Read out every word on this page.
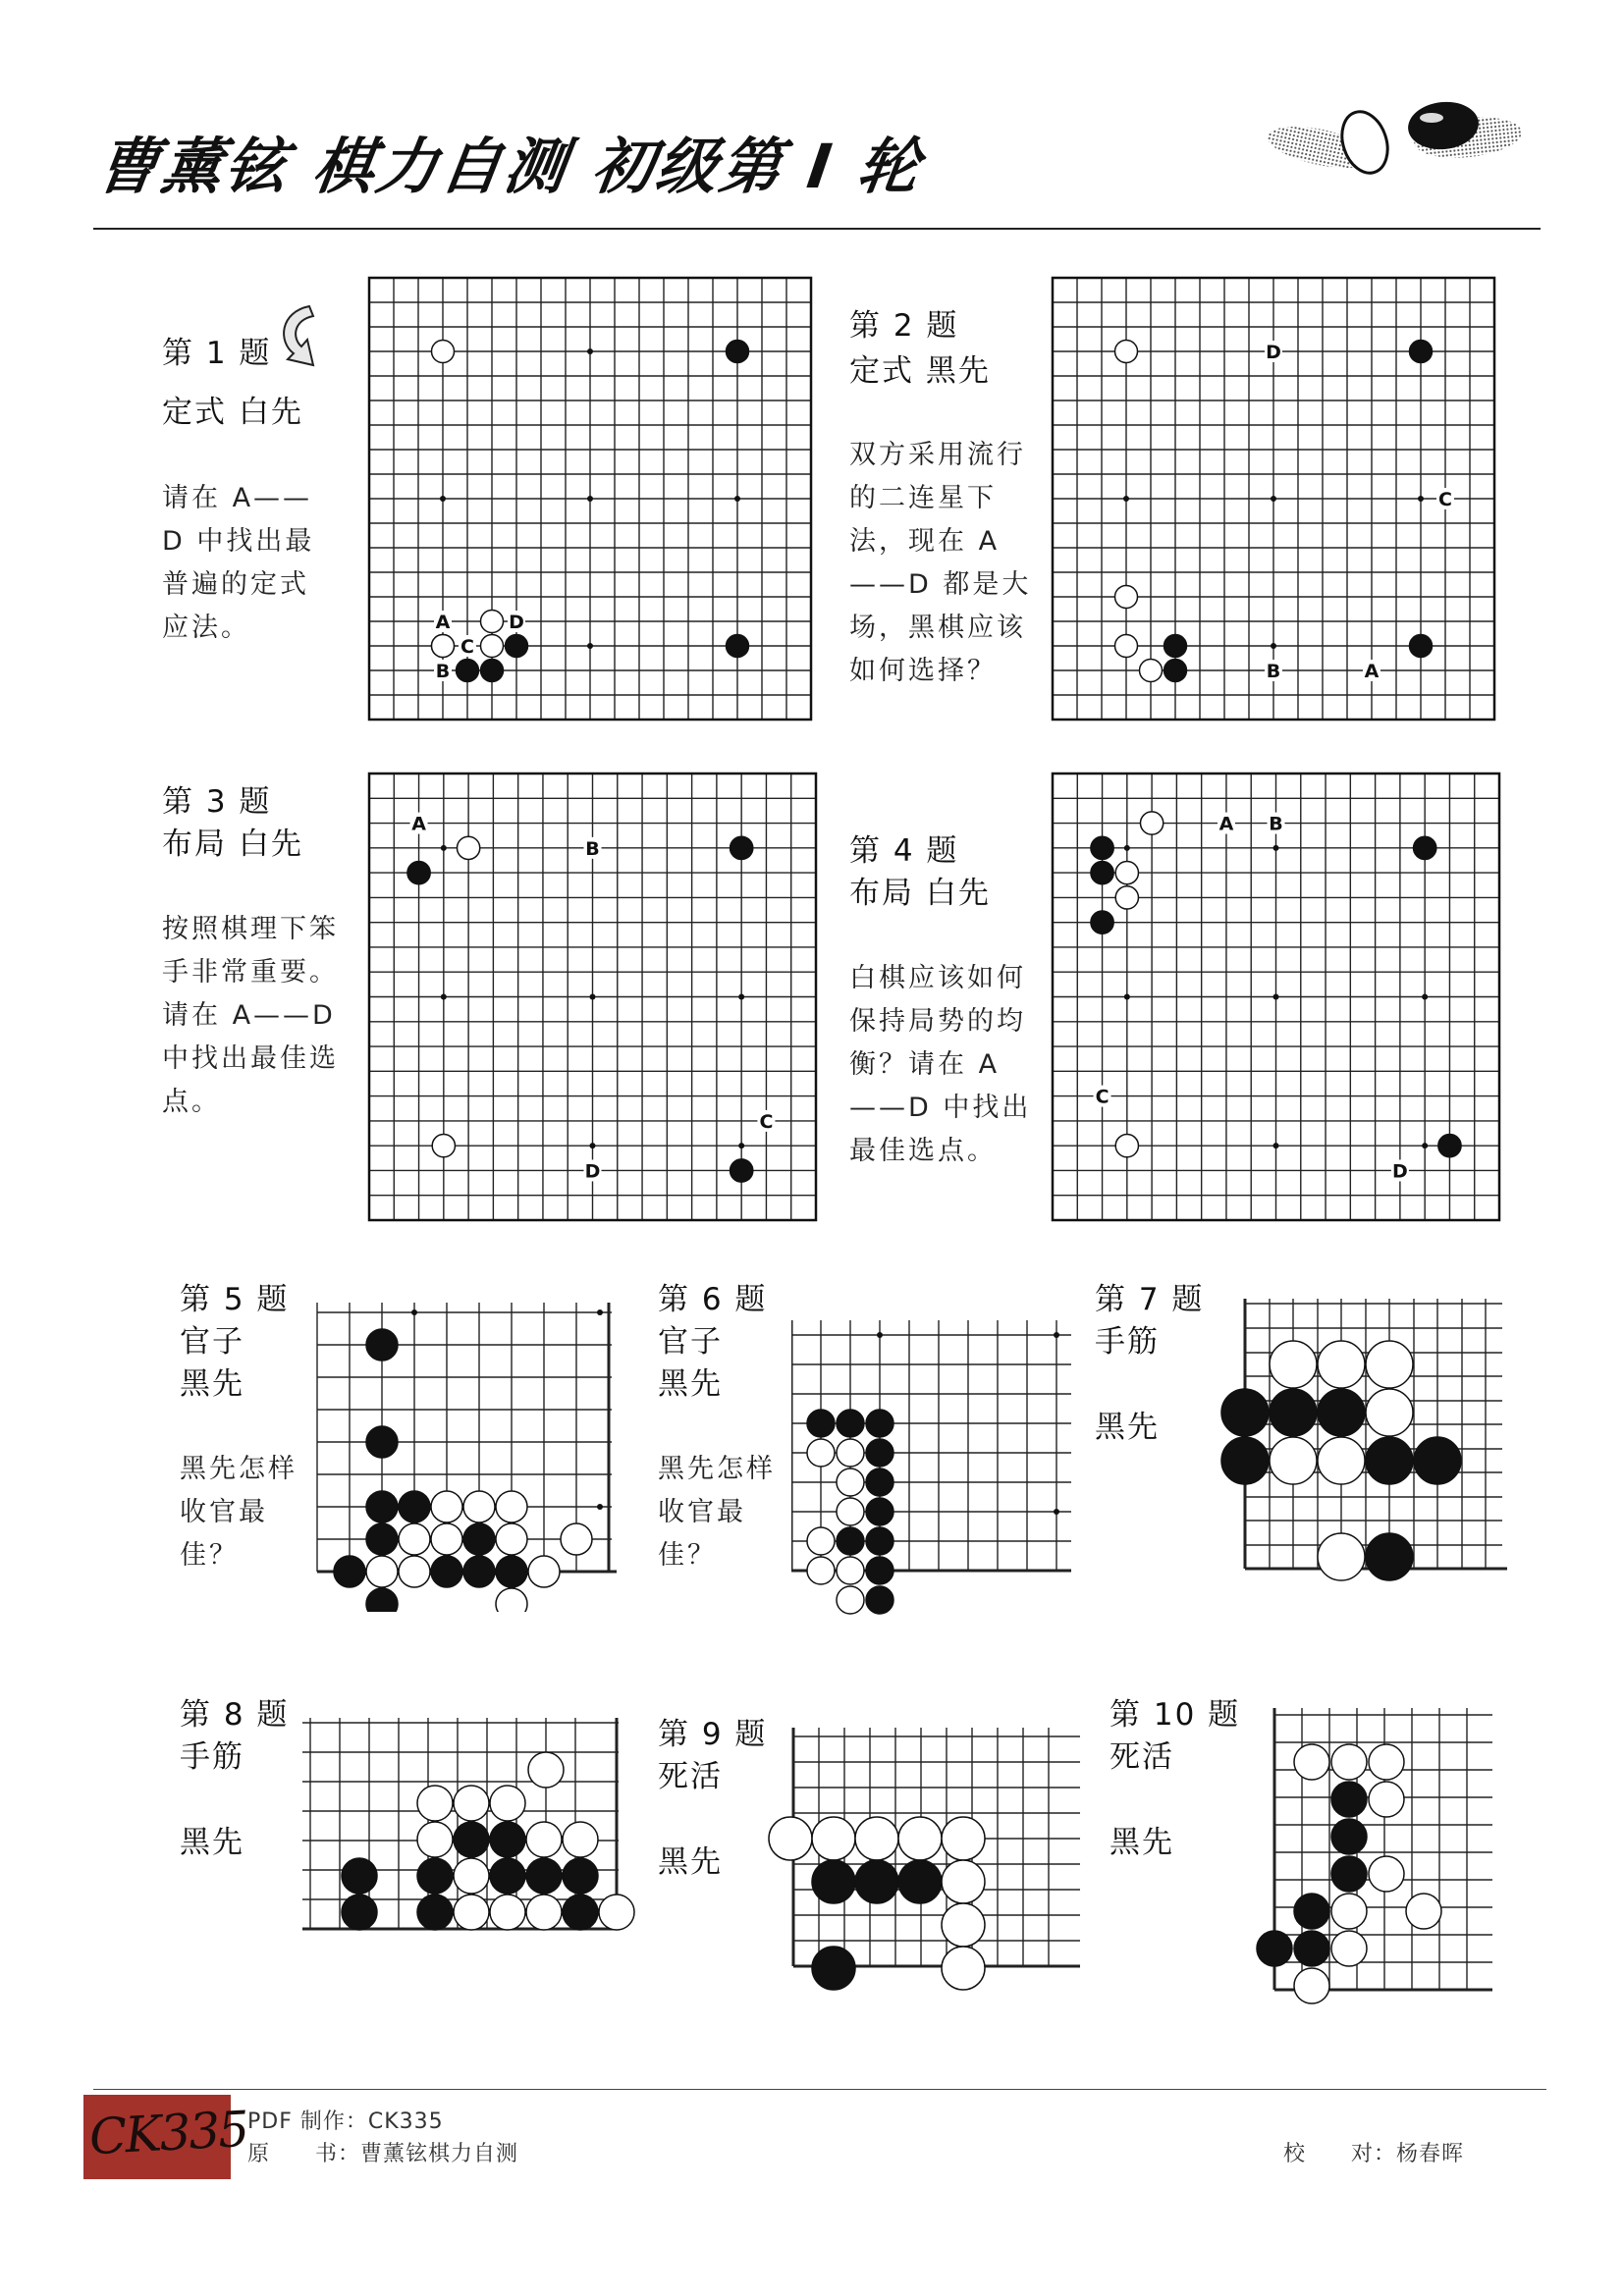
曹薰铉 棋力自测 初级第 I 轮
第 1 题
定式 白先
请在 A——D 中找出最普遍的定式应法。	A	D
C
B
第 2 题
定式 黑先
双方采用流行的二连星下法，现在 A——D 都是大场，黑棋应该如何选择？
D
C
B	A
第 3 题
布局 白先
按照棋理下笨手非常重要。请在 A——D 中找出最佳选点。
A
B
C
D
第 4 题
布局 白先
白棋应该如何保持局势的均衡？请在 A——D 中找出最佳选点。
A B
C
D
第 5 题
官子
黑先
黑先怎样收官最佳？
第 6 题
官子
黑先
黑先怎样收官最佳？
第 7 题
手筋
黑先
第 8 题
手筋
黑先
第 9 题
死活
黑先
第 10 题
死活
黑先
CK335
PDF 制作：CK335
原　　书：曹薰铉棋力自测	校　　对：杨春晖
